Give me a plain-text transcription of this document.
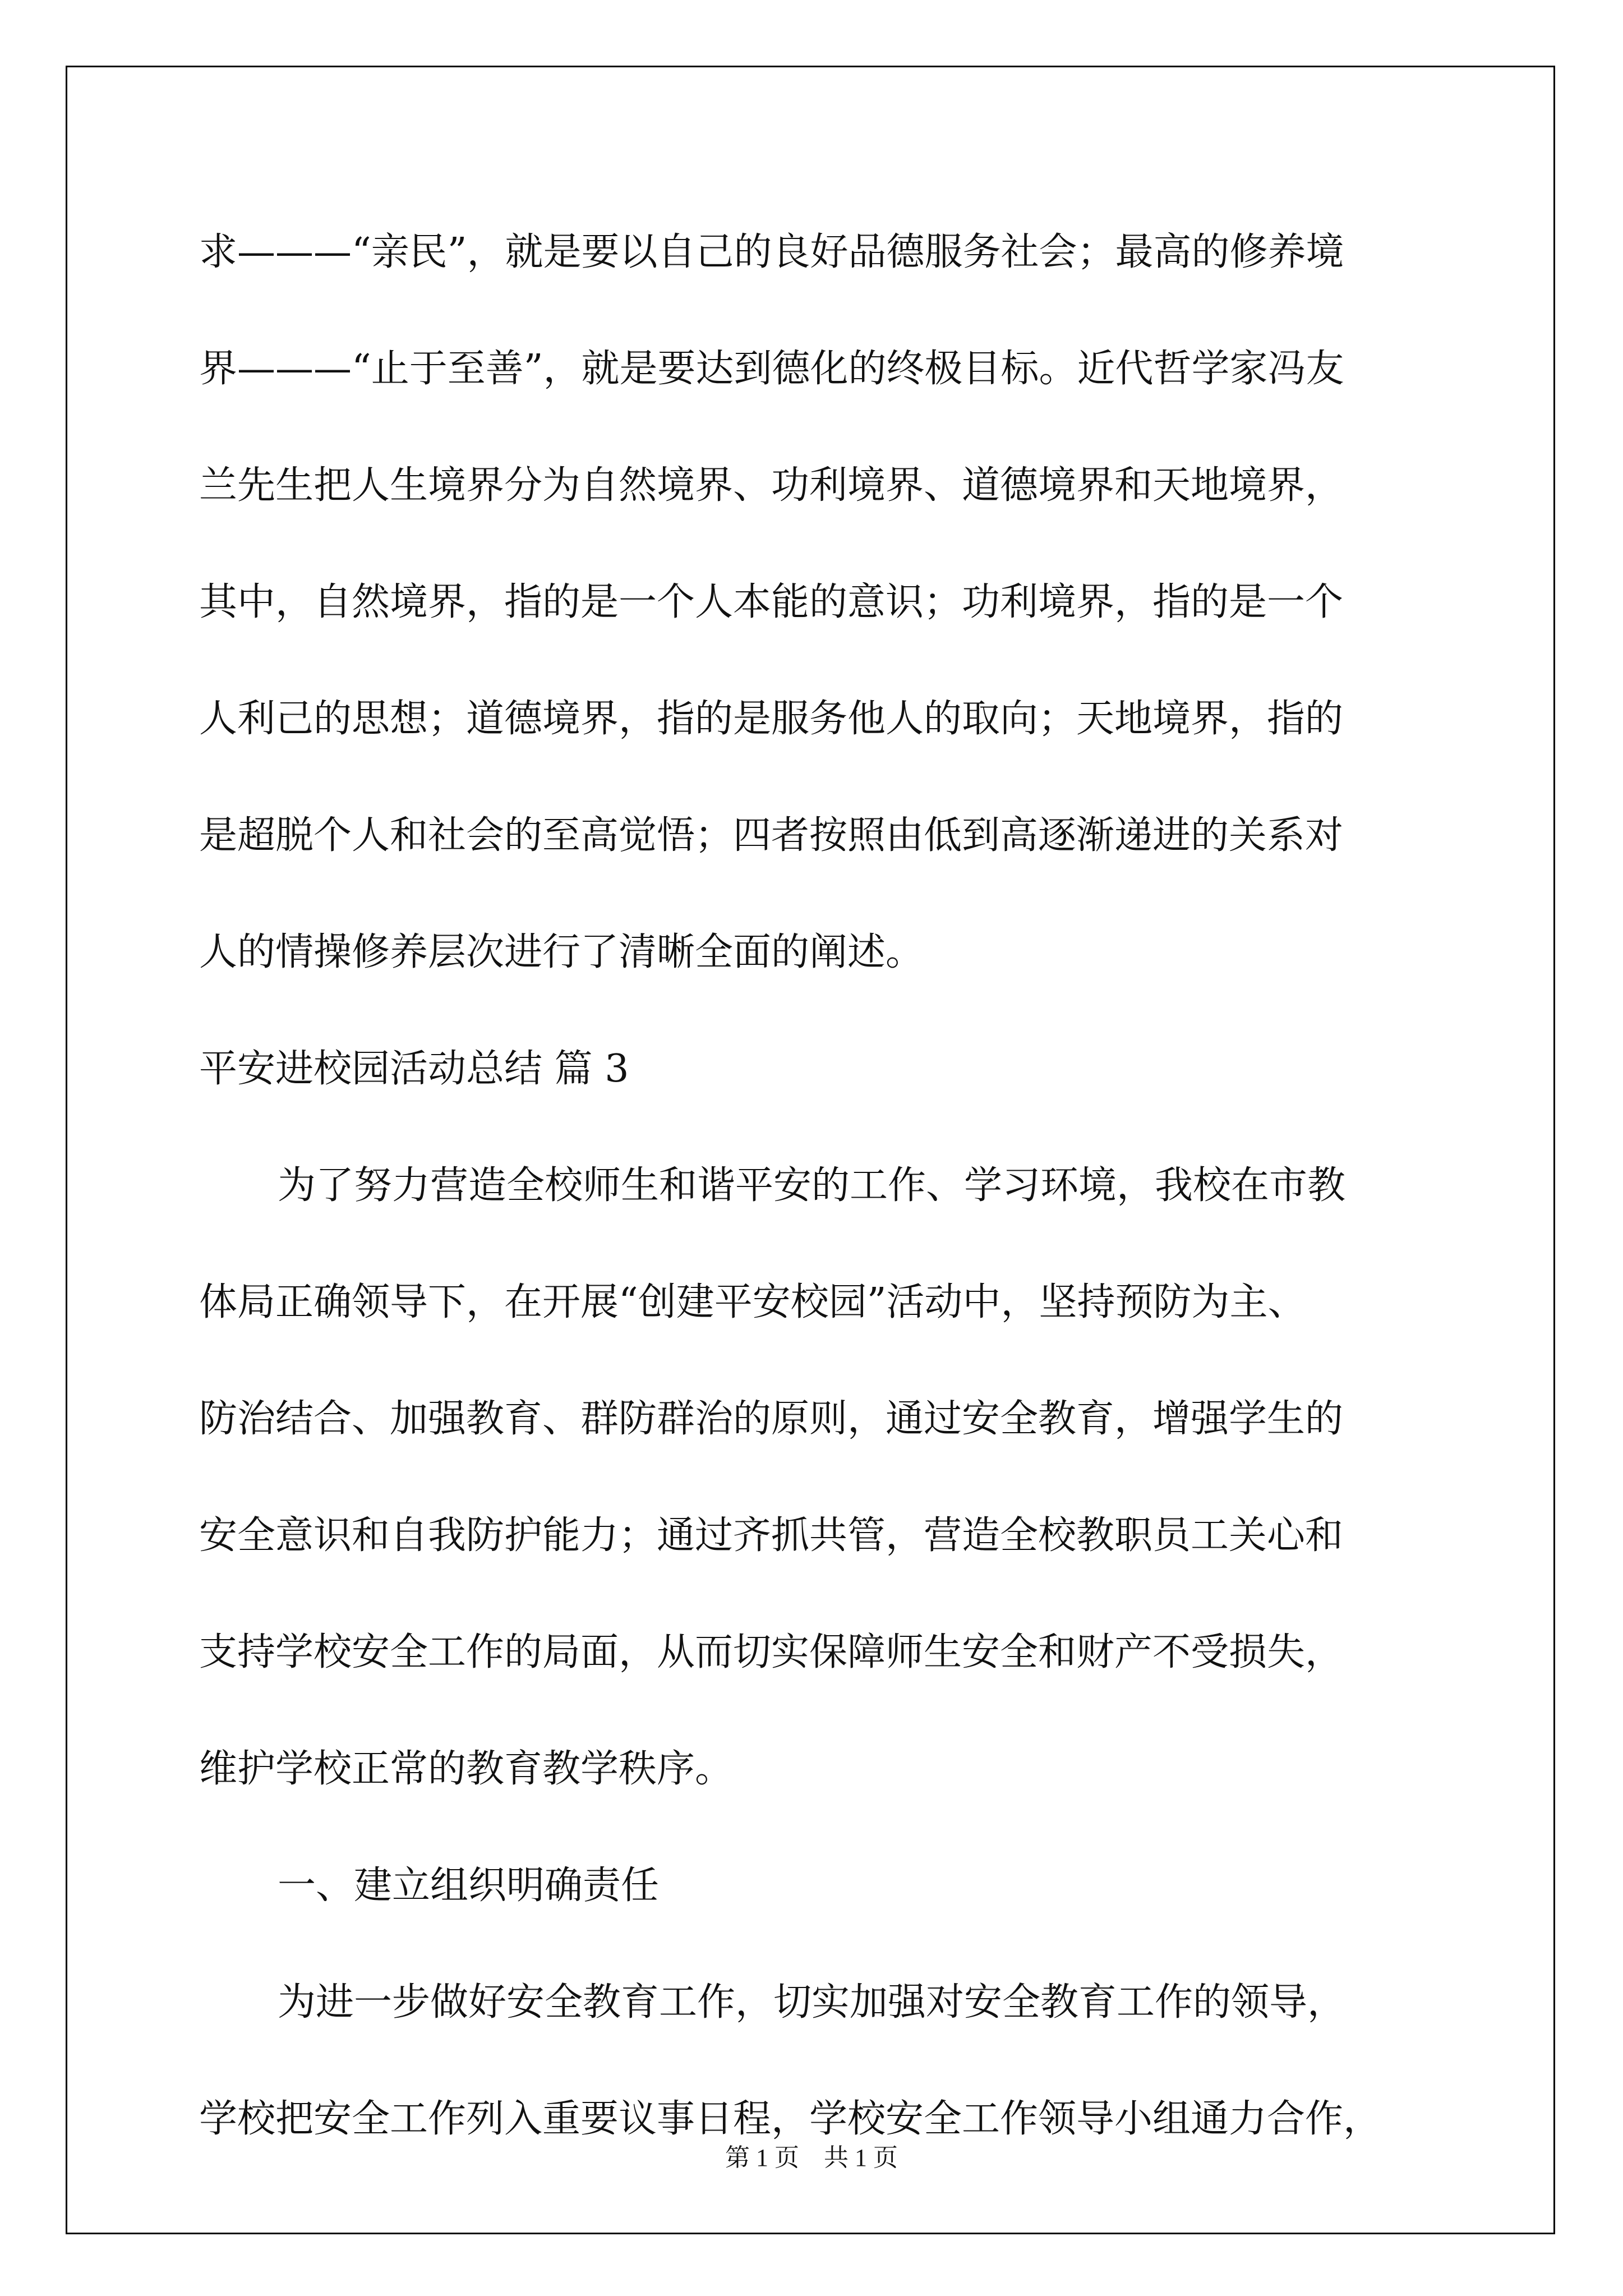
求———“亲民”，就是要以自己的良好品德服务社会；最高的修养境
界———“止于至善”，就是要达到德化的终极目标。近代哲学家冯友
兰先生把人生境界分为自然境界、功利境界、道德境界和天地境界，
其中，自然境界，指的是一个人本能的意识；功利境界，指的是一个
人利己的思想；道德境界，指的是服务他人的取向；天地境界，指的
是超脱个人和社会的至高觉悟；四者按照由低到高逐渐递进的关系对
人的情操修养层次进行了清晰全面的阐述。
平安进校园活动总结 篇 3
为了努力营造全校师生和谐平安的工作、学习环境，我校在市教
体局正确领导下，在开展“创建平安校园”活动中，坚持预防为主、
防治结合、加强教育、群防群治的原则，通过安全教育，增强学生的
安全意识和自我防护能力；通过齐抓共管，营造全校教职员工关心和
支持学校安全工作的局面，从而切实保障师生安全和财产不受损失，
维护学校正常的教育教学秩序。
一、建立组织明确责任
为进一步做好安全教育工作，切实加强对安全教育工作的领导，
学校把安全工作列入重要议事日程，学校安全工作领导小组通力合作，
第 1 页　共 1 页
